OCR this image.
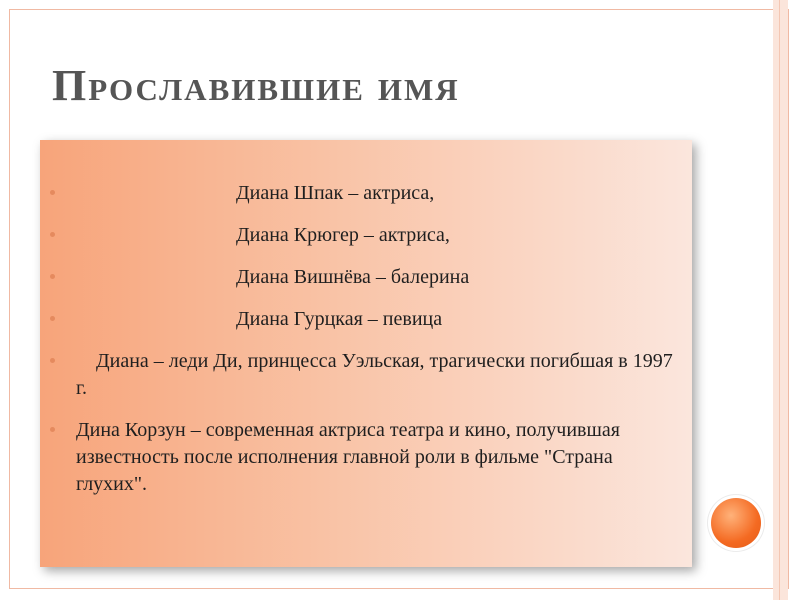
Прославившие имя
Диана Шпак – актриса,
Диана Крюгер – актриса,
Диана Вишнёва – балерина
Диана Гурцкая – певица
Диана – леди Ди, принцесса Уэльская, трагически погибшая в 1997 г.
Дина Корзун – современная актриса театра и кино, получившая известность после исполнения главной роли в фильме "Страна глухих".
